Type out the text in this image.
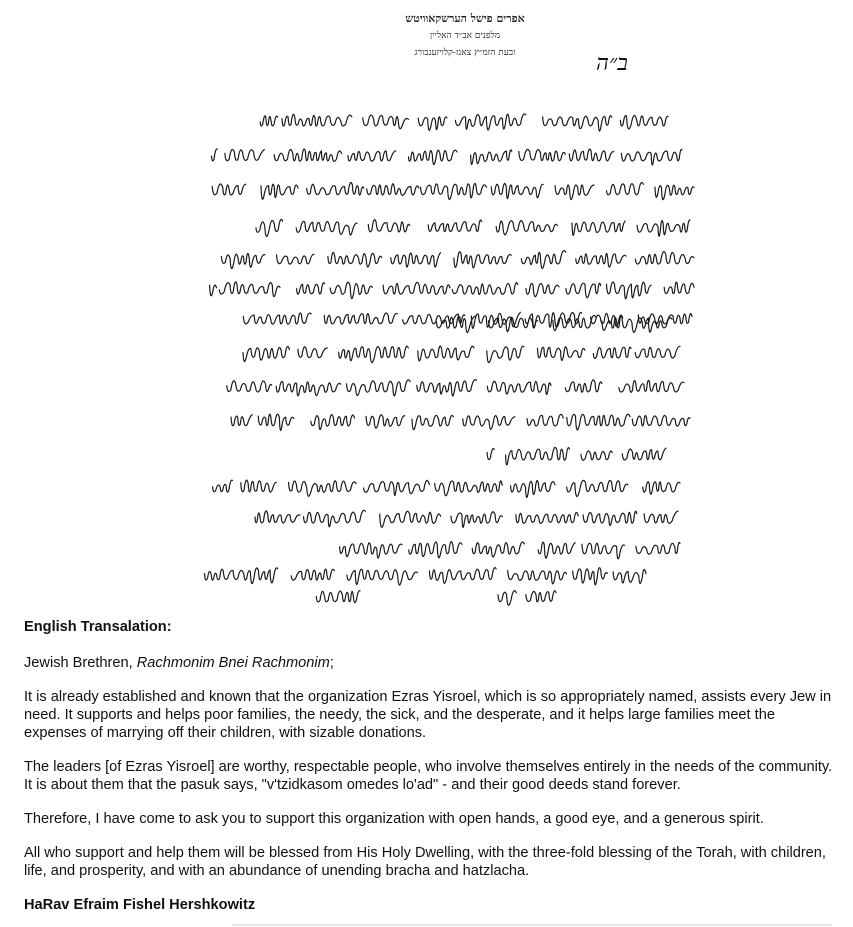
אפרים פישל הערשקאוויטש
מלפנים אב״ד האליין
ובעת הזמ״ץ צאנז-קלויזענבורג	ב״ה

English Transalation:

Jewish Brethren, Rachmonim Bnei Rachmonim;

It is already established and known that the organization Ezras Yisroel, which is so appropriately named, assists every Jew in need. It supports and helps poor families, the needy, the sick, and the desperate, and it helps large families meet the expenses of marrying off their children, with sizable donations.

The leaders [of Ezras Yisroel] are worthy, respectable people, who involve themselves entirely in the needs of the community. It is about them that the pasuk says, "v'tzidkasom omedes lo'ad" - and their good deeds stand forever.

Therefore, I have come to ask you to support this organization with open hands, a good eye, and a generous spirit.

All who support and help them will be blessed from His Holy Dwelling, with the three-fold blessing of the Torah, with children, life, and prosperity, and with an abundance of unending bracha and hatzlacha.

HaRav Efraim Fishel Hershkowitz
